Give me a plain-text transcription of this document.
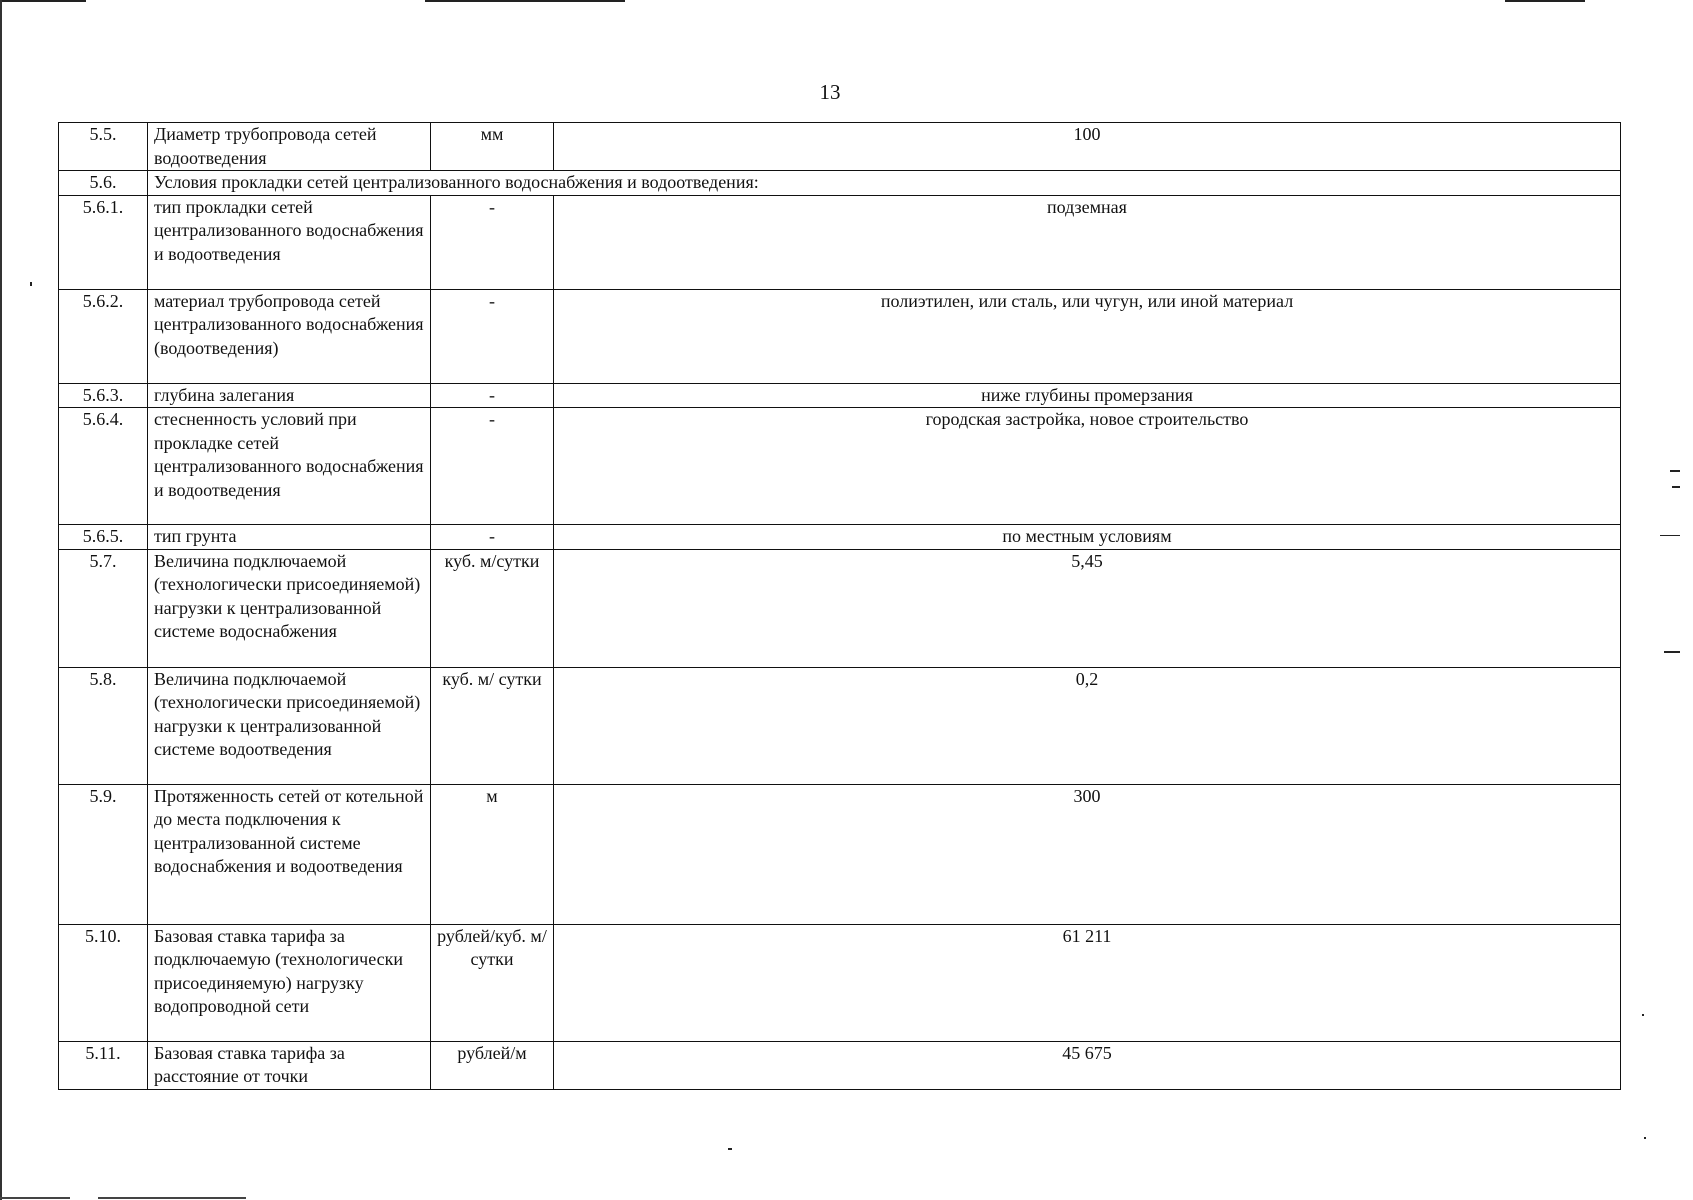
13
5.5.	Диаметр трубопровода сетей водоотведения	мм	100
5.6.	Условия прокладки сетей централизованного водоснабжения и водоотведения:		
5.6.1.	тип прокладки сетей централизованного водоснабжения и водоотведения	-	подземная
5.6.2.	материал трубопровода сетей централизованного водоснабжения (водоотведения)	-	полиэтилен, или сталь, или чугун, или иной материал
5.6.3.	глубина залегания	-	ниже глубины промерзания
5.6.4.	стесненность условий при прокладке сетей централизованного водоснабжения и водоотведения	-	городская застройка, новое строительство
5.6.5.	тип грунта	-	по местным условиям
5.7.	Величина подключаемой (технологически присоединяемой) нагрузки к централизованной системе водоснабжения	куб. м/сутки	5,45
5.8.	Величина подключаемой (технологически присоединяемой) нагрузки к централизованной системе водоотведения	куб. м/ сутки	0,2
5.9.	Протяженность сетей от котельной до места подключения к централизованной системе водоснабжения и водоотведения	м	300
5.10.	Базовая ставка тарифа за подключаемую (технологически присоединяемую) нагрузку водопроводной сети	рублей/куб. м/сутки	61 211
5.11.	Базовая ставка тарифа за расстояние от точки	рублей/м	45 675
